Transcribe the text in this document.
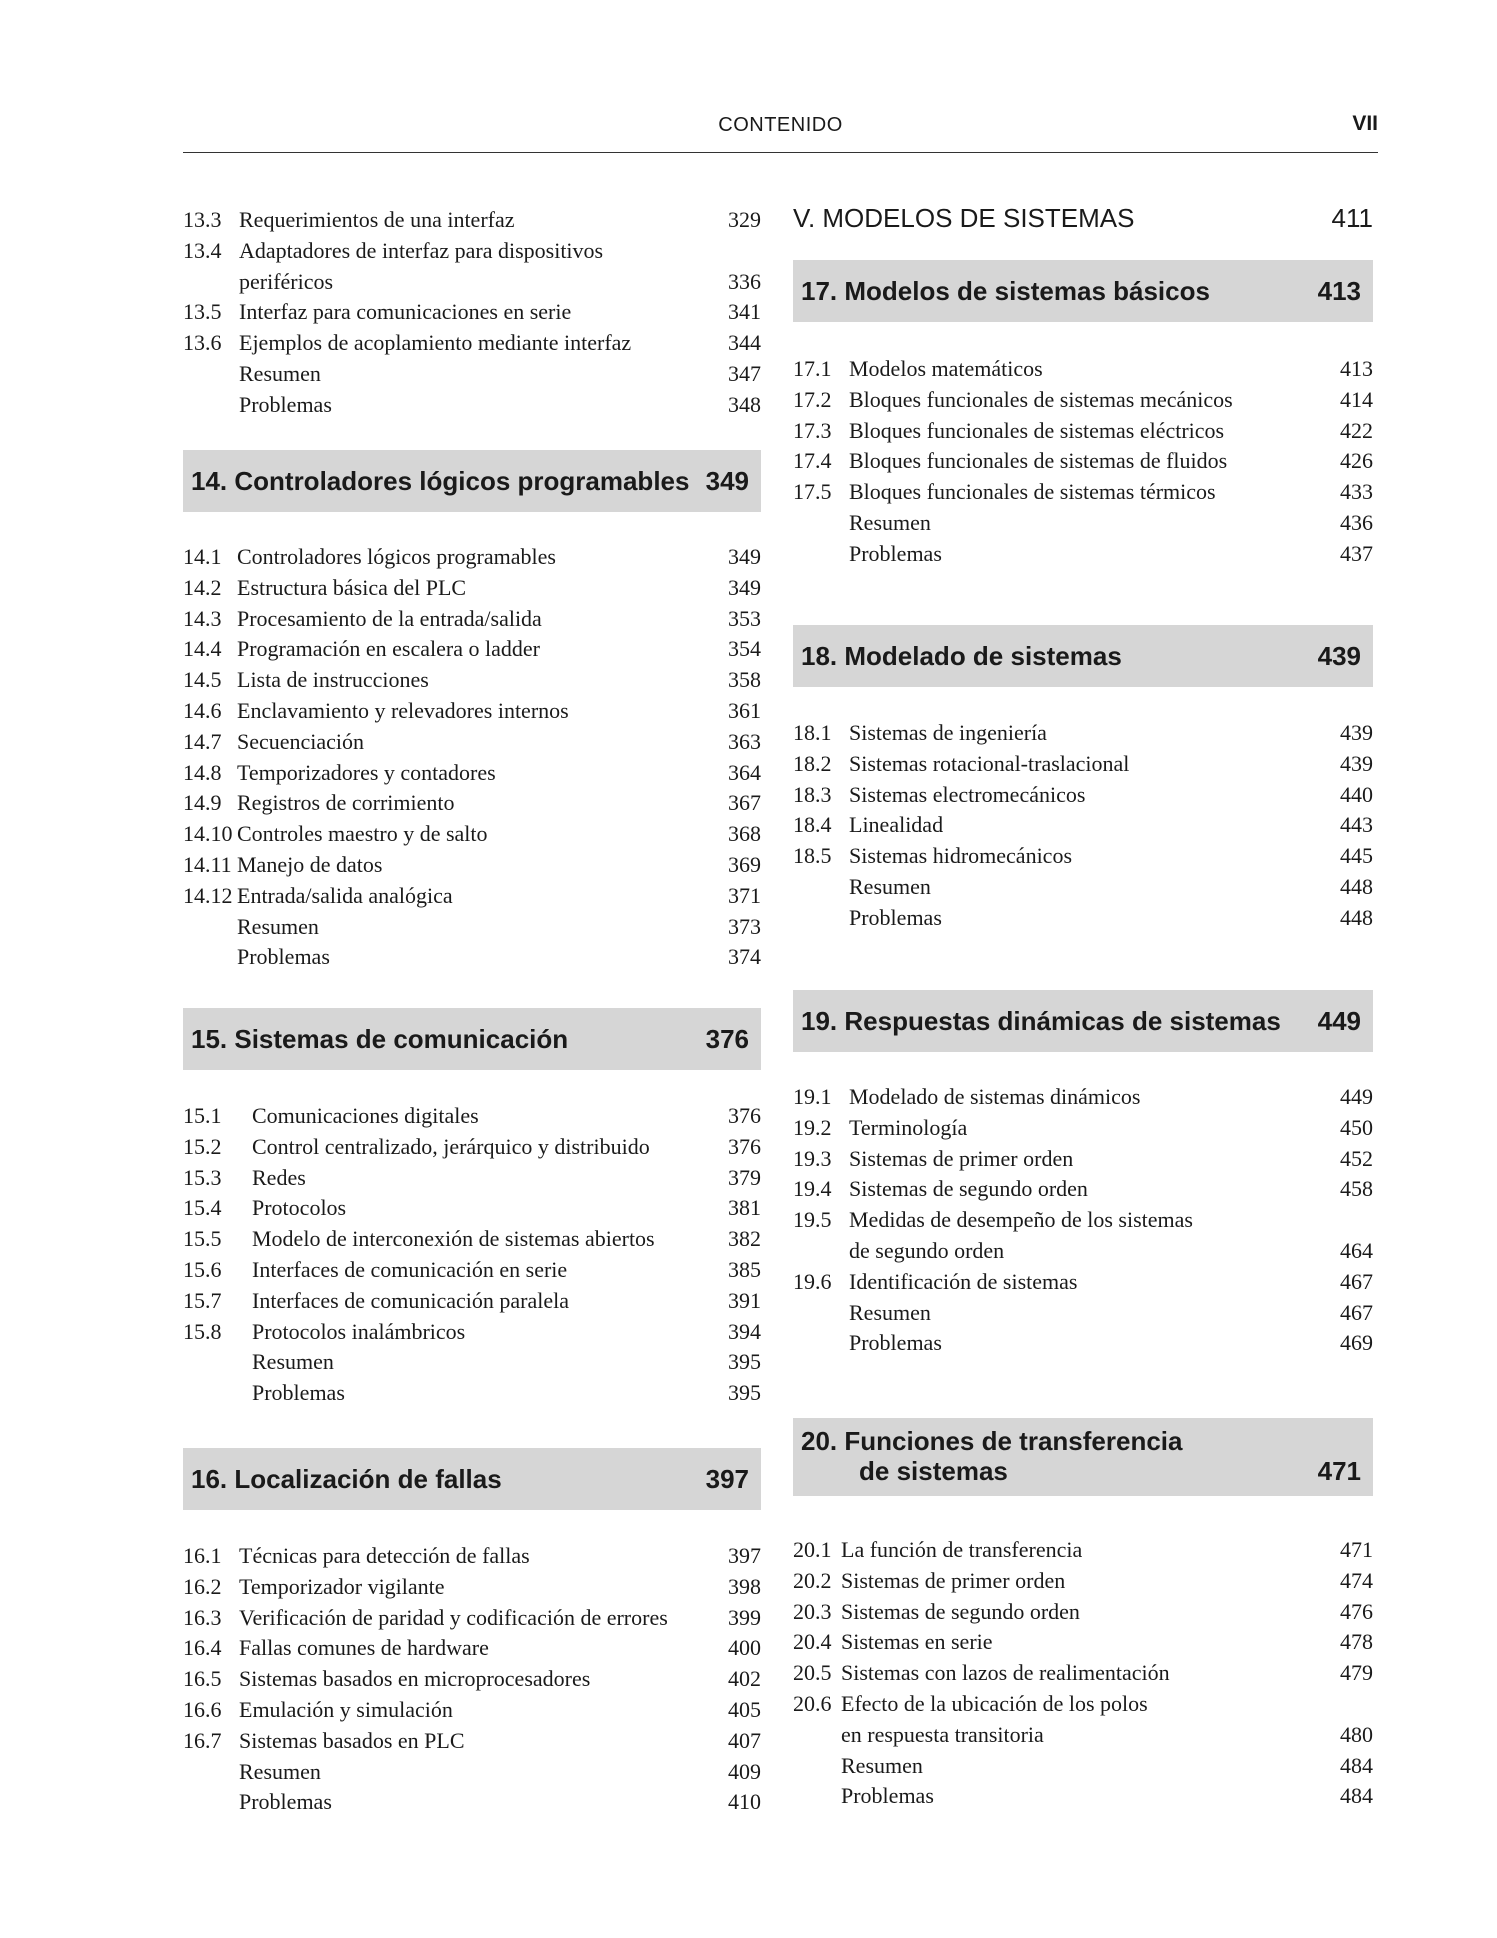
CONTENIDO	VII
13.3 Requerimientos de una interfaz	329
13.4 Adaptadores de interfaz para dispositivos
periféricos	336
13.5 Interfaz para comunicaciones en serie	341
13.6 Ejemplos de acoplamiento mediante interfaz	344
Resumen	347
Problemas	348
14. Controladores lógicos programables 349
14.1 Controladores lógicos programables	349
14.2 Estructura básica del PLC	349
14.3 Procesamiento de la entrada/salida	353
14.4 Programación en escalera o ladder	354
14.5 Lista de instrucciones	358
14.6 Enclavamiento y relevadores internos	361
14.7 Secuenciación	363
14.8 Temporizadores y contadores	364
14.9 Registros de corrimiento	367
14.10 Controles maestro y de salto	368
14.11 Manejo de datos	369
14.12 Entrada/salida analógica	371
Resumen	373
Problemas	374
15. Sistemas de comunicación	376
15.1 Comunicaciones digitales	376
15.2 Control centralizado, jerárquico y distribuido	376
15.3 Redes	379
15.4 Protocolos	381
15.5 Modelo de interconexión de sistemas abiertos	382
15.6 Interfaces de comunicación en serie	385
15.7 Interfaces de comunicación paralela	391
15.8 Protocolos inalámbricos	394
Resumen	395
Problemas	395
16. Localización de fallas	397
16.1 Técnicas para detección de fallas	397
16.2 Temporizador vigilante	398
16.3 Verificación de paridad y codificación de errores	399
16.4 Fallas comunes de hardware	400
16.5 Sistemas basados en microprocesadores	402
16.6 Emulación y simulación	405
16.7 Sistemas basados en PLC	407
Resumen	409
Problemas	410
V. MODELOS DE SISTEMAS	411
17. Modelos de sistemas básicos	413
17.1 Modelos matemáticos	413
17.2 Bloques funcionales de sistemas mecánicos	414
17.3 Bloques funcionales de sistemas eléctricos	422
17.4 Bloques funcionales de sistemas de fluidos	426
17.5 Bloques funcionales de sistemas térmicos	433
Resumen	436
Problemas	437
18. Modelado de sistemas	439
18.1 Sistemas de ingeniería	439
18.2 Sistemas rotacional-traslacional	439
18.3 Sistemas electromecánicos	440
18.4 Linealidad	443
18.5 Sistemas hidromecánicos	445
Resumen	448
Problemas	448
19. Respuestas dinámicas de sistemas 449
19.1 Modelado de sistemas dinámicos	449
19.2 Terminología	450
19.3 Sistemas de primer orden	452
19.4 Sistemas de segundo orden	458
19.5 Medidas de desempeño de los sistemas
de segundo orden	464
19.6 Identificación de sistemas	467
Resumen	467
Problemas	469
20. Funciones de transferencia
de sistemas	471
20.1 La función de transferencia	471
20.2 Sistemas de primer orden	474
20.3 Sistemas de segundo orden	476
20.4 Sistemas en serie	478
20.5 Sistemas con lazos de realimentación	479
20.6 Efecto de la ubicación de los polos
en respuesta transitoria	480
Resumen	484
Problemas	484
